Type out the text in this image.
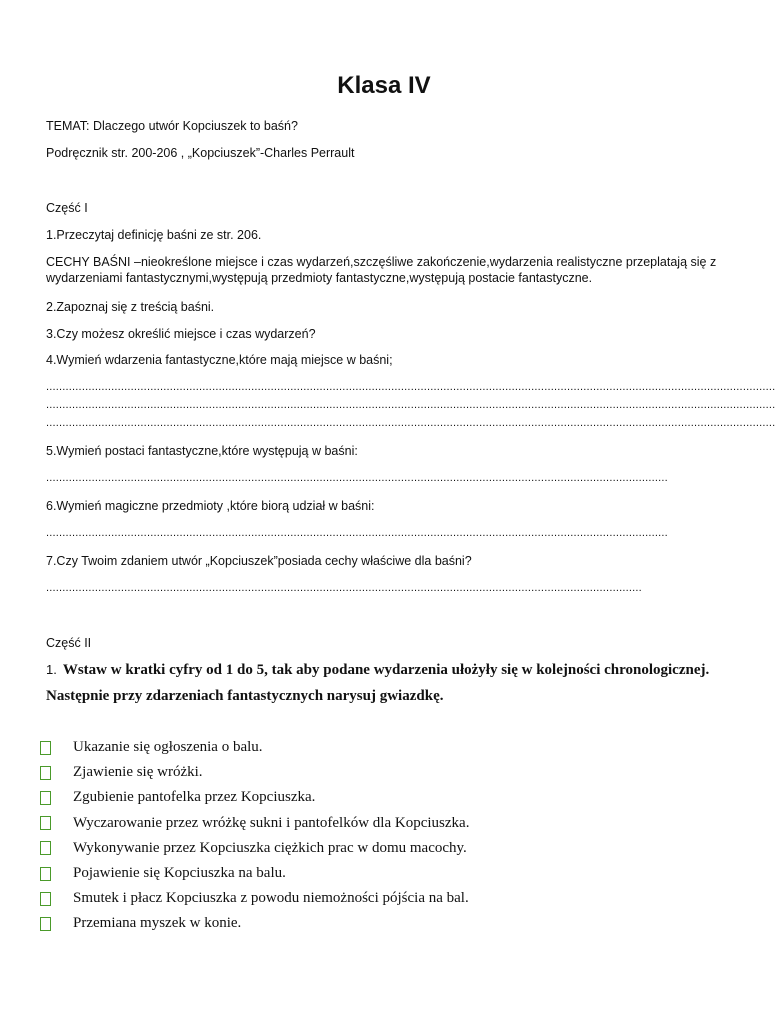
Klasa IV

TEMAT: Dlaczego utwór Kopciuszek to baśń?

Podręcznik str. 200-206 , „Kopciuszek”-Charles Perrault

Część I

1.Przeczytaj definicję baśni ze str. 206.

CECHY BAŚNI –nieokreślone miejsce i czas wydarzeń,szczęśliwe zakończenie,wydarzenia realistyczne przeplatają się z wydarzeniami fantastycznymi,występują przedmioty fantastyczne,występują postacie fantastyczne.

2.Zapoznaj się z treścią baśni.

3.Czy możesz określić miejsce i czas wydarzeń?

4.Wymień wdarzenia fantastyczne,które mają miejsce w baśni;

................................................................................................................................................................................................................................

................................................................................................................................................................................................................................

................................................................................................................................................................................................................................

5.Wymień postaci fantastyczne,które występują w baśni:

...............................................................................................................................................................................................

6.Wymień magiczne przedmioty ,które biorą udział w baśni:

...............................................................................................................................................................................................

7.Czy Twoim zdaniem utwór „Kopciuszek”posiada cechy właściwe dla baśni?

.......................................................................................................................................................................................

Część II

1. Wstaw w kratki cyfry od 1 do 5, tak aby podane wydarzenia ułożyły się w kolejności chronologicznej. Następnie przy zdarzeniach fantastycznych narysuj gwiazdkę.

Ukazanie się ogłoszenia o balu.
Zjawienie się wróżki.
Zgubienie pantofelka przez Kopciuszka.
Wyczarowanie przez wróżkę sukni i pantofelków dla Kopciuszka.
Wykonywanie przez Kopciuszka ciężkich prac w domu macochy.
Pojawienie się Kopciuszka na balu.
Smutek i płacz Kopciuszka z powodu niemożności pójścia na bal.
Przemiana myszek w konie.
